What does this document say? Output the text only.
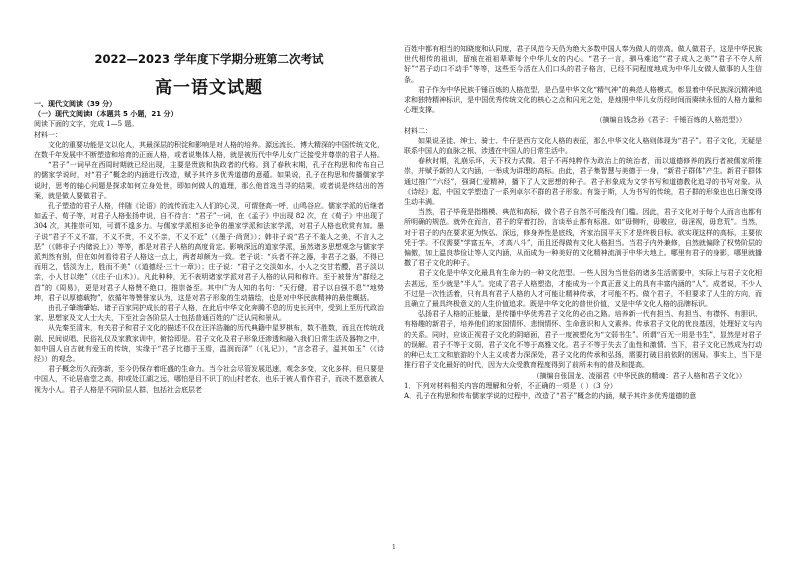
2022—2023 学年度下学期分班第二次考试
高一语文试题
一、现代文阅读（39 分）
（一）现代文阅读Ⅰ（本题共 5 小题，21 分）

阅读下面的文字，完成 1—5 题。

材料一：

文化的重要功能是文以化人，其最深层的积淀和影响是对人格的培养。源远流长、博大精深的中国传统文化，在数千年发展中不断塑造和培育的正面人格，或者说集体人格，就是被历代中华儿女广泛接受并尊崇的君子人格。

“君子”一词早在西周时期就已经出现，主要是贵族和执政者的代称。到了春秋末期，孔子在构思和传布自己的儒家学说时，对“君子”概念的内涵进行改造，赋予其许多优秀道德的意蕴。如果说，孔子在构思和传播儒家学说时，思考的轴心问题是探求如何立身处世，即如何做人的道理，那么他首选当寻的结果，或者说是终结出的答案，就是做人要做君子。

孔子塑造的君子人格，伴随《论语》的流传而走入人们的心灵，可谓登高一呼，山鸣谷应。儒家学派的后继者如孟子、荀子等，对君子人格张扬申说，自不待言：“君子”一词，在《孟子》中出现 82 次，在《荀子》中出现了 304 次，其推崇可知，可谓不遑多力。与儒家学派相多论争的墨家学派和法家学派，对君子人格也欣赏有加。墨子说“君子不义不富，不义不贵，不义不亲，不义不近”（《墨子·尚贤》）；韩非子说“君子不羞人之美，不言人之恶”（《韩非子·内储说上》）等等，都是对君子人格的高度肯定。影响深远的道家学派，虽然诸多思想观念与儒家学派判然有别，但在如何看待君子人格这一点上，两者却颇为一致。老子说：“兵者不祥之器，非君子之器，不得已而用之，恬淡为上，胜而不美”（《道德经·三十一章》）；庄子说：“君子之交淡如水，小人之交甘若醴，君子淡以亲，小人甘以绝”（《庄子·山木》）。凡此种种，无不表明诸家学派对君子人格的认同和称许。至于被誉为“群经之首”的《周易》，更是对君子人格赞不绝口，推崇备至。其中广为人知的名句：“天行健，君子以自强不息”“地势坤，君子以厚德载物”，依循年等赞誉家认为，这是对君子形象的生动描绘，也是对中华民族精神的最佳概括。

由孔子肇端肇始、诸子百家同护成长的君子人格，在此后中华文化奔腾不息的历史长河中，受到上至历代政治家、思想家及文人士大夫，下至社会各阶层人士包括普通百姓的广泛认同和景从。

从先秦至清末，有关君子和君子文化的描述不仅在汪洋浩瀚的历代典籍中星罗棋布，数不胜数，而且在传统戏剧、民间说唱、民俗礼仪及家教家训中，俯拾即是。君子文化及君子形象还渗透和融入我们日常生活及器物之中，如中国人自古就有爱玉的传统，实缘于“君子比德于玉焉，温润而泽”（《礼记》），“言念君子，温其如玉”（《诗经》）的观念。

君子概念历久而弥新，至今仍保存着旺盛的生命力。当今社会尽管发展迅速，观念多变，文化多样，但只要是中国人，不论居庙堂之高，抑或处江湖之远，哪怕是目不识丁的山村老农，也乐于被人看作君子，而决不愿意被人视为小人。君子人格是不同阶层人群，包括社会底层老

百姓中都有相当的知晓度和认同度，君子风范今天仍为绝大多数中国人奉为做人的崇高。做人做君子，这是中华民族世代相传的祖训，留痕在祖祖辈辈每个中华儿女的内心。“君子一言，驷马难追”“君子成人之美”“君子不夺人所好”“君子动口不动手”等等，这些至今活在人们口头的君子格言，已经不同程度地成为中华儿女做人做事的人生信条。

君子作为中华民族千锤百炼的人格范型，是凸显中华文化“精气神”的典范人格模式，彰显着中华民族深沉精神追求和独特精神标识，是中国优秀传统文化的核心之点和闪光之处，是烛照中华儿女历经时间而赓续永恒的人格力量和心理支撑。

（摘编自钱念孙《君子：千锤百炼的人格范型》）

材料二：

如果说圣徒、绅士、骑士、牛仔是西方文化人格的表征，那么中华文化人格则体现为“君子”。君子文化，无疑是联系中国人的血脉之根、涉透在中国人的日常生活中。

春秋时期，礼崩乐坏，天下权力式微。君子不再纯粹作为政治上的统治者，而以道德修养的践行者被儒家所推崇，并赋予新的人文内涵，一举成为讲理的高标。由此，君子集智慧与美德于一身，“新君子群体”产生。新君子群体通过推广“六经”，强调仁爱精神，播下了人文思想的种子。君子形象成为文学书写和道德教化追寻的书写对象。从《诗经》起，中国文学塑造了一系列卓尔不群的君子形象。有鉴于斯，人为书写的传统，君子群的形象也也日渐变得生动丰满。

当然，君子毕竟是指楷模、典范和高标，做个君子自然不可能没有门槛。因此，君子文化对于每个人而言也都有所明确的规范。就外在而言，君子的穿着打扮，言谈举止都有标准。如“毋侧听，毋嗷应，毋淫视，毋怠荒”。当然，对于君子的内在要求更为恢弘、深远，修身养性是底线，齐家治国平天下才是终极目标。欲实现这样的高标，主要依凭于学。不仅需要“学富五车，才高八斗”，而且还得做有文化人格担当。当君子内外兼修，自然就偏除了权势阶层的偏傲，加上温良恭俭让等人文内涵，从而成为一种美好的文化精神流淌于中华大地上。哪里有君子的身影，哪里就播撒了君子文化的种子。

君子文化是中华文化最具有生命力的一种文化范型。一些人因为当世俗的诸多生活需要中，实际上与君子文化相去甚远，至少就是“半人”。完成了君子人格塑造，才能成为一个真正意义上的具有丰富内涵的“人”。成者说，不少人不过是一次性活着，只有具有君子人格的人才可能让精神传承，才可能不朽。做个君子，不但要求了人生的方向，而且确立了最具终极意义的人生价值追求。既是中华文化的普世价值，又是中华文化人格的品牌标识。

弘扬君子人格的正能量，是传播中华优秀君子文化的必由之路。培养新一代有担当、有担当、有襟怀、有胆识、有格趣的新君子，培养他们的家国情怀、悲悯情怀、生命意识和人文素养。传承君子文化的优良基因，处理好文与内的关系。同时，应该正视君子文化的阴暗面，君子一度被塑化为“文弱书生”。所谓“百无一用是书生”，显然是对君子的误解。君子不等于文弱，君子文化不等于高雅文化。君子不等于失去了血性和激情。当下，君子文化已然成为打动的种已太工文和旅游的个人主义或者力深深处，君子文化的传承和弘扬，需要打破目前依附的困局。事实上，当下是推行君子文化最好的时代，因为大众受教育程度得到了前所未有的普及和提高。

（摘编自张国龙、凌丽君《中华民族的精魂：君子人格和君子文化》）

1．下列对材料相关内容的理解和分析，不正确的一项是（ ）（3 分）

A．孔子在构思和传布儒家学说的过程中，改造了“君子”概念的内涵，赋予其许多优秀道德的意

1
